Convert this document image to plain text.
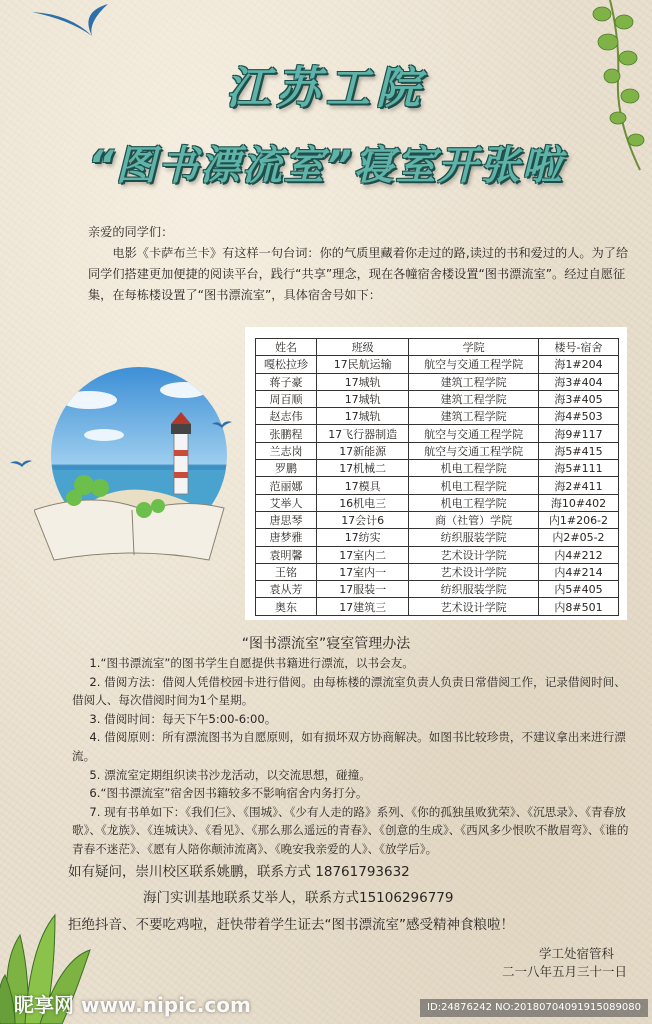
江苏工院
“图书漂流室”寝室开张啦

亲爱的同学们：

电影《卡萨布兰卡》有这样一句台词：你的气质里藏着你走过的路,读过的书和爱过的人。为了给同学们搭建更加便捷的阅读平台，践行“共享”理念，现在各幢宿舍楼设置“图书漂流室”。经过自愿征集，在每栋楼设置了“图书漂流室”，具体宿舍号如下：

姓名	班级	学院	楼号-宿舍
嘎松拉珍	17民航运输	航空与交通工程学院	海1#204
蒋子豪	17城轨	建筑工程学院	海3#404
周百顺	17城轨	建筑工程学院	海3#405
赵志伟	17城轨	建筑工程学院	海4#503
张鹏程	17飞行器制造	航空与交通工程学院	海9#117
兰志岗	17新能源	航空与交通工程学院	海5#415
罗鹏	17机械二	机电工程学院	海5#111
范丽娜	17模具	机电工程学院	海2#411
艾举人	16机电三	机电工程学院	海10#402
唐思琴	17会计6	商（社管）学院	内1#206-2
唐梦雅	17纺实	纺织服装学院	内2#05-2
袁明馨	17室内二	艺术设计学院	内4#212
王铭	17室内一	艺术设计学院	内4#214
袁从芳	17服装一	纺织服装学院	内5#405
奥东	17建筑三	艺术设计学院	内8#501
“图书漂流室”寝室管理办法

1.“图书漂流室”的图书学生自愿提供书籍进行漂流，以书会友。

2. 借阅方法：借阅人凭借校园卡进行借阅。由每栋楼的漂流室负责人负责日常借阅工作，记录借阅时间、借阅人、每次借阅时间为1个星期。

3. 借阅时间：每天下午5:00-6:00。

4. 借阅原则：所有漂流图书为自愿原则，如有损坏双方协商解决。如图书比较珍贵，不建议拿出来进行漂流。

5. 漂流室定期组织读书沙龙活动，以交流思想，碰撞。

6.“图书漂流室”宿舍因书籍较多不影响宿舍内务打分。

7. 现有书单如下：《我们仨》、《围城》、《少有人走的路》系列、《你的孤独虽败犹荣》、《沉思录》、《青春放歌》、《龙族》、《连城诀》、《看见》、《那么那么遥远的青春》、《创意的生成》、《西风多少恨吹不散眉弯》、《谁的青春不迷茫》、《愿有人陪你颠沛流离》、《晚安我亲爱的人》、《放学后》。

如有疑问，崇川校区联系姚鹏，联系方式 18761793632
海门实训基地联系艾举人，联系方式15106296779
拒绝抖音、不要吃鸡啦，赶快带着学生证去“图书漂流室”感受精神食粮啦！
学工处宿管科
二一八年五月三十一日
昵享网 www.nipic.com	ID:24876242 NO:20180704091915089080
